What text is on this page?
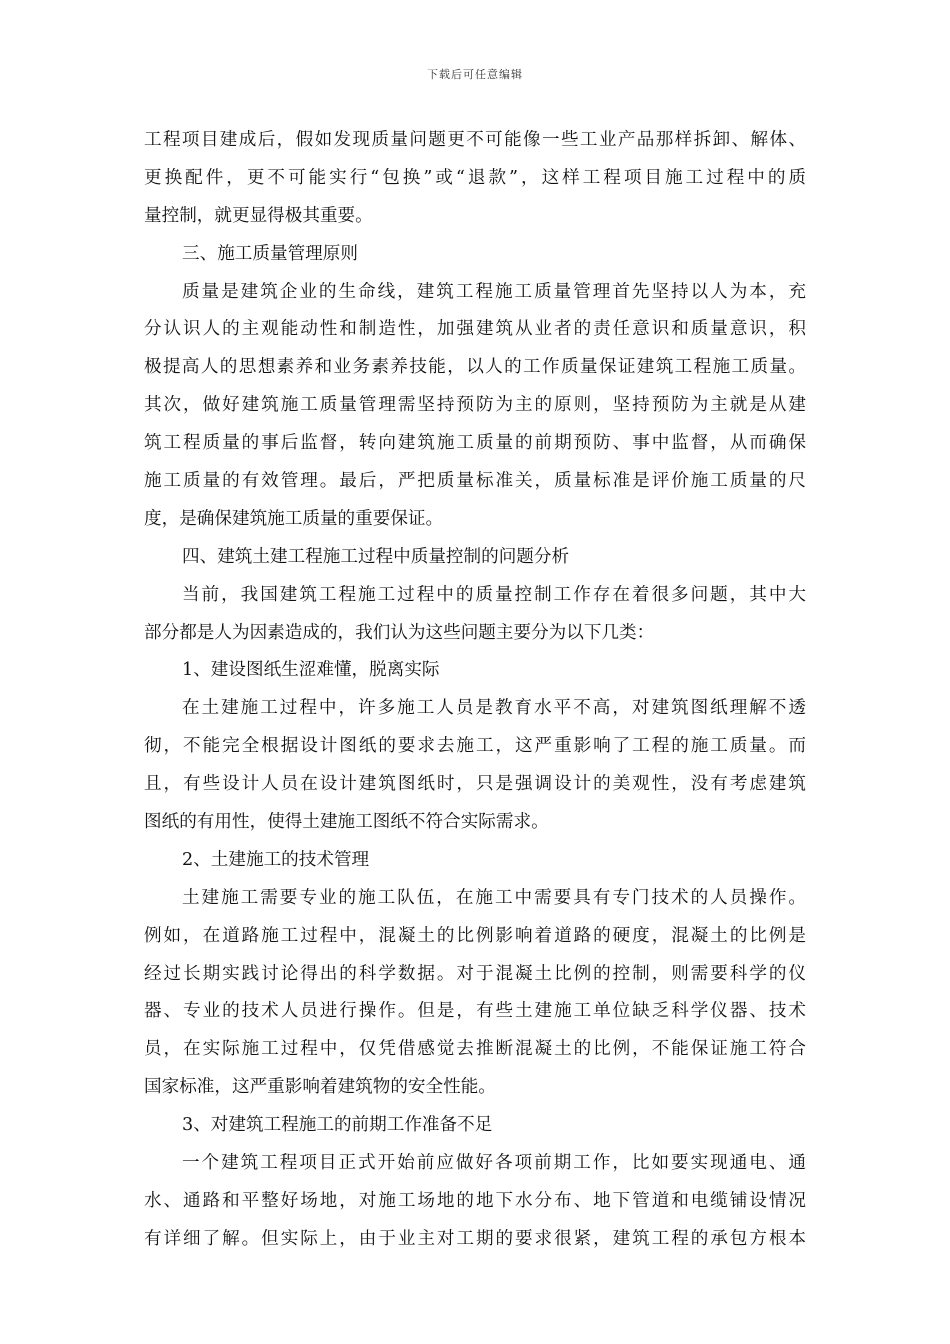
下载后可任意编辑
工程项目建成后，假如发现质量问题更不可能像一些工业产品那样拆卸、解体、
更换配件，更不可能实行“包换”或“退款”，这样工程项目施工过程中的质
量控制，就更显得极其重要。
三、施工质量管理原则
质量是建筑企业的生命线，建筑工程施工质量管理首先坚持以人为本，充
分认识人的主观能动性和制造性，加强建筑从业者的责任意识和质量意识，积
极提高人的思想素养和业务素养技能，以人的工作质量保证建筑工程施工质量。
其次，做好建筑施工质量管理需坚持预防为主的原则，坚持预防为主就是从建
筑工程质量的事后监督，转向建筑施工质量的前期预防、事中监督，从而确保
施工质量的有效管理。最后，严把质量标准关，质量标准是评价施工质量的尺
度，是确保建筑施工质量的重要保证。
四、建筑土建工程施工过程中质量控制的问题分析
当前，我国建筑工程施工过程中的质量控制工作存在着很多问题，其中大
部分都是人为因素造成的，我们认为这些问题主要分为以下几类：
1、建设图纸生涩难懂，脱离实际
在土建施工过程中，许多施工人员是教育水平不高，对建筑图纸理解不透
彻，不能完全根据设计图纸的要求去施工，这严重影响了工程的施工质量。而
且，有些设计人员在设计建筑图纸时，只是强调设计的美观性，没有考虑建筑
图纸的有用性，使得土建施工图纸不符合实际需求。
2、土建施工的技术管理
土建施工需要专业的施工队伍，在施工中需要具有专门技术的人员操作。
例如，在道路施工过程中，混凝土的比例影响着道路的硬度，混凝土的比例是
经过长期实践讨论得出的科学数据。对于混凝土比例的控制，则需要科学的仪
器、专业的技术人员进行操作。但是，有些土建施工单位缺乏科学仪器、技术
员，在实际施工过程中，仅凭借感觉去推断混凝土的比例，不能保证施工符合
国家标准，这严重影响着建筑物的安全性能。
3、对建筑工程施工的前期工作准备不足
一个建筑工程项目正式开始前应做好各项前期工作，比如要实现通电、通
水、通路和平整好场地，对施工场地的地下水分布、地下管道和电缆铺设情况
有详细了解。但实际上，由于业主对工期的要求很紧，建筑工程的承包方根本
